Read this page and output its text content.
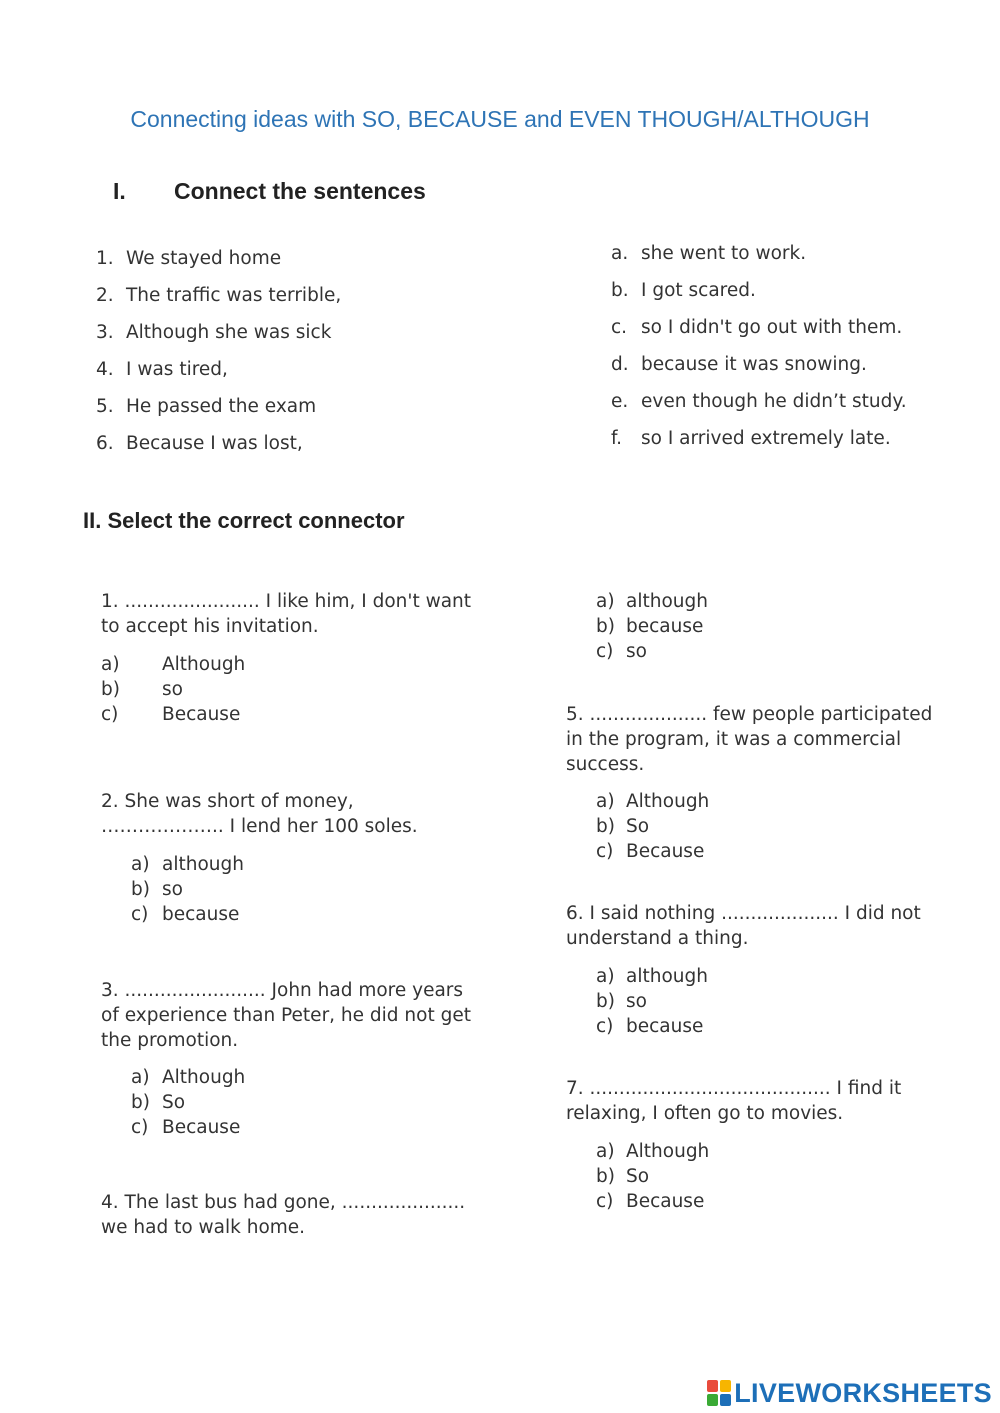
Connecting ideas with SO, BECAUSE and EVEN THOUGH/ALTHOUGH
I. Connect the sentences
1. We stayed home
2. The traffic was terrible,
3. Although she was sick
4. I was tired,
5. He passed the exam
6. Because I was lost,
a. she went to work.
b. I got scared.
c. so I didn't go out with them.
d. because it was snowing.
e. even though he didn’t study.
f. so I arrived extremely late.
II. Select the correct connector
1. ....................... I like him, I don't want to accept his invitation.
a) Although
b) so
c) Because
2. She was short of money, ……………….. I lend her 100 soles.
a) although
b) so
c) because
3. ........................ John had more years of experience than Peter, he did not get the promotion.
a) Although
b) So
c) Because
4. The last bus had gone, ..................... we had to walk home.
a) although
b) because
c) so
5. .................... few people participated in the program, it was a commercial success.
a) Although
b) So
c) Because
6. I said nothing .................... I did not understand a thing.
a) although
b) so
c) because
7. ......................................... I find it relaxing, I often go to movies.
a) Although
b) So
c) Because
LIVEWORKSHEETS
